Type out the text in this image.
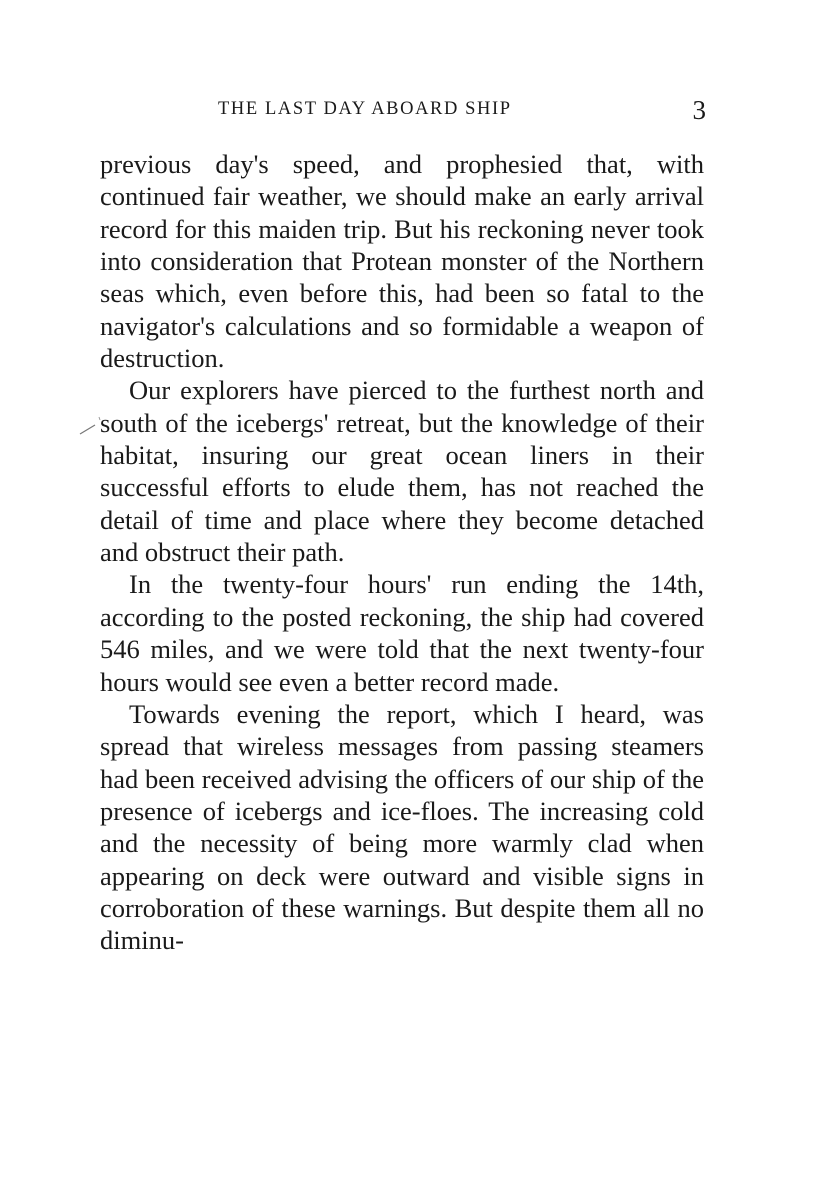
THE LAST DAY ABOARD SHIP	3

previous day's speed, and prophesied that, with continued fair weather, we should make an early arrival record for this maiden trip. But his reckoning never took into consideration that Protean monster of the Northern seas which, even before this, had been so fatal to the navigator's calculations and so formidable a weapon of destruction.

Our explorers have pierced to the furthest north and south of the icebergs' retreat, but the knowledge of their habitat, insuring our great ocean liners in their successful efforts to elude them, has not reached the detail of time and place where they become detached and obstruct their path.

In the twenty-four hours' run ending the 14th, according to the posted reckoning, the ship had covered 546 miles, and we were told that the next twenty-four hours would see even a better record made.

Towards evening the report, which I heard, was spread that wireless messages from passing steamers had been received advising the officers of our ship of the presence of icebergs and ice-floes. The increasing cold and the necessity of being more warmly clad when appearing on deck were outward and visible signs in corroboration of these warnings. But despite them all no diminu-
